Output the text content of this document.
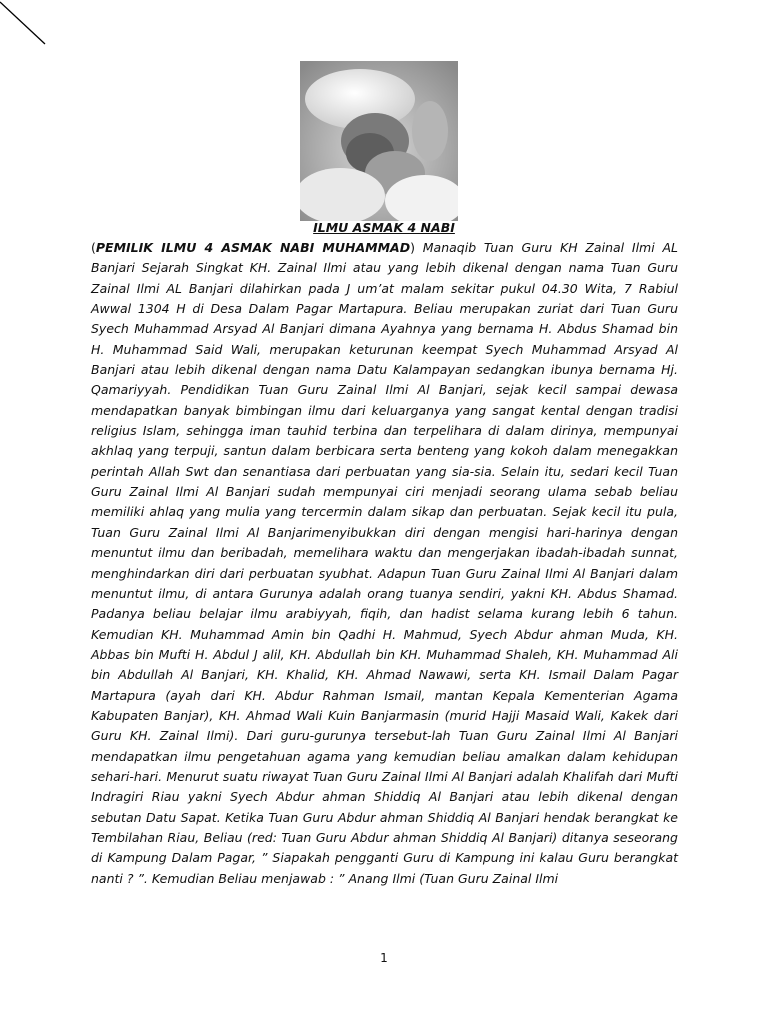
ILMU ASMAK 4 NABI

(PEMILIK ILMU 4 ASMAK NABI MUHAMMAD) Manaqib Tuan Guru KH Zainal Ilmi AL Banjari Sejarah Singkat KH. Zainal Ilmi atau yang lebih dikenal dengan nama Tuan Guru Zainal Ilmi AL Banjari dilahirkan pada J um’at malam sekitar pukul 04.30 Wita, 7 Rabiul Awwal 1304 H di Desa Dalam Pagar Martapura. Beliau merupakan zuriat dari Tuan Guru Syech Muhammad Arsyad Al Banjari dimana Ayahnya yang bernama H. Abdus Shamad bin H. Muhammad Said Wali, merupakan keturunan keempat Syech Muhammad Arsyad Al Banjari atau lebih dikenal dengan nama Datu Kalampayan sedangkan ibunya bernama Hj. Qamariyyah. Pendidikan Tuan Guru Zainal Ilmi Al Banjari, sejak kecil sampai dewasa mendapatkan banyak bimbingan ilmu dari keluarganya yang sangat kental dengan tradisi religius Islam, sehingga iman tauhid terbina dan terpelihara di dalam dirinya, mempunyai akhlaq yang terpuji, santun dalam berbicara serta benteng yang kokoh dalam menegakkan perintah Allah Swt dan senantiasa dari perbuatan yang sia-sia. Selain itu, sedari kecil Tuan Guru Zainal Ilmi Al Banjari sudah mempunyai ciri menjadi seorang ulama sebab beliau memiliki ahlaq yang mulia yang tercermin dalam sikap dan perbuatan. Sejak kecil itu pula, Tuan Guru Zainal Ilmi Al Banjarimenyibukkan diri dengan mengisi hari-harinya dengan menuntut ilmu dan beribadah, memelihara waktu dan mengerjakan ibadah-ibadah sunnat, menghindarkan diri dari perbuatan syubhat. Adapun Tuan Guru Zainal Ilmi Al Banjari dalam menuntut ilmu, di antara Gurunya adalah orang tuanya sendiri, yakni KH. Abdus Shamad. Padanya beliau belajar ilmu arabiyyah, fiqih, dan hadist selama kurang lebih 6 tahun. Kemudian KH. Muhammad Amin bin Qadhi H. Mahmud, Syech Abdur ahman Muda, KH. Abbas bin Mufti H. Abdul J alil, KH. Abdullah bin KH. Muhammad Shaleh, KH. Muhammad Ali bin Abdullah Al Banjari, KH. Khalid, KH. Ahmad Nawawi, serta KH. Ismail Dalam Pagar Martapura (ayah dari KH. Abdur Rahman Ismail, mantan Kepala Kementerian Agama Kabupaten Banjar), KH. Ahmad Wali Kuin Banjarmasin (murid Hajji Masaid Wali, Kakek dari Guru KH. Zainal Ilmi). Dari guru-gurunya tersebut-lah Tuan Guru Zainal Ilmi Al Banjari mendapatkan ilmu pengetahuan agama yang kemudian beliau amalkan dalam kehidupan sehari-hari. Menurut suatu riwayat Tuan Guru Zainal Ilmi Al Banjari adalah Khalifah dari Mufti Indragiri Riau yakni Syech Abdur ahman Shiddiq Al Banjari atau lebih dikenal dengan sebutan Datu Sapat. Ketika Tuan Guru Abdur ahman Shiddiq Al Banjari hendak berangkat ke Tembilahan Riau, Beliau (red: Tuan Guru Abdur ahman Shiddiq Al Banjari) ditanya seseorang di Kampung Dalam Pagar, ” Siapakah pengganti Guru di Kampung ini kalau Guru berangkat nanti ? ”. Kemudian Beliau menjawab : ” Anang Ilmi (Tuan Guru Zainal Ilmi

1
